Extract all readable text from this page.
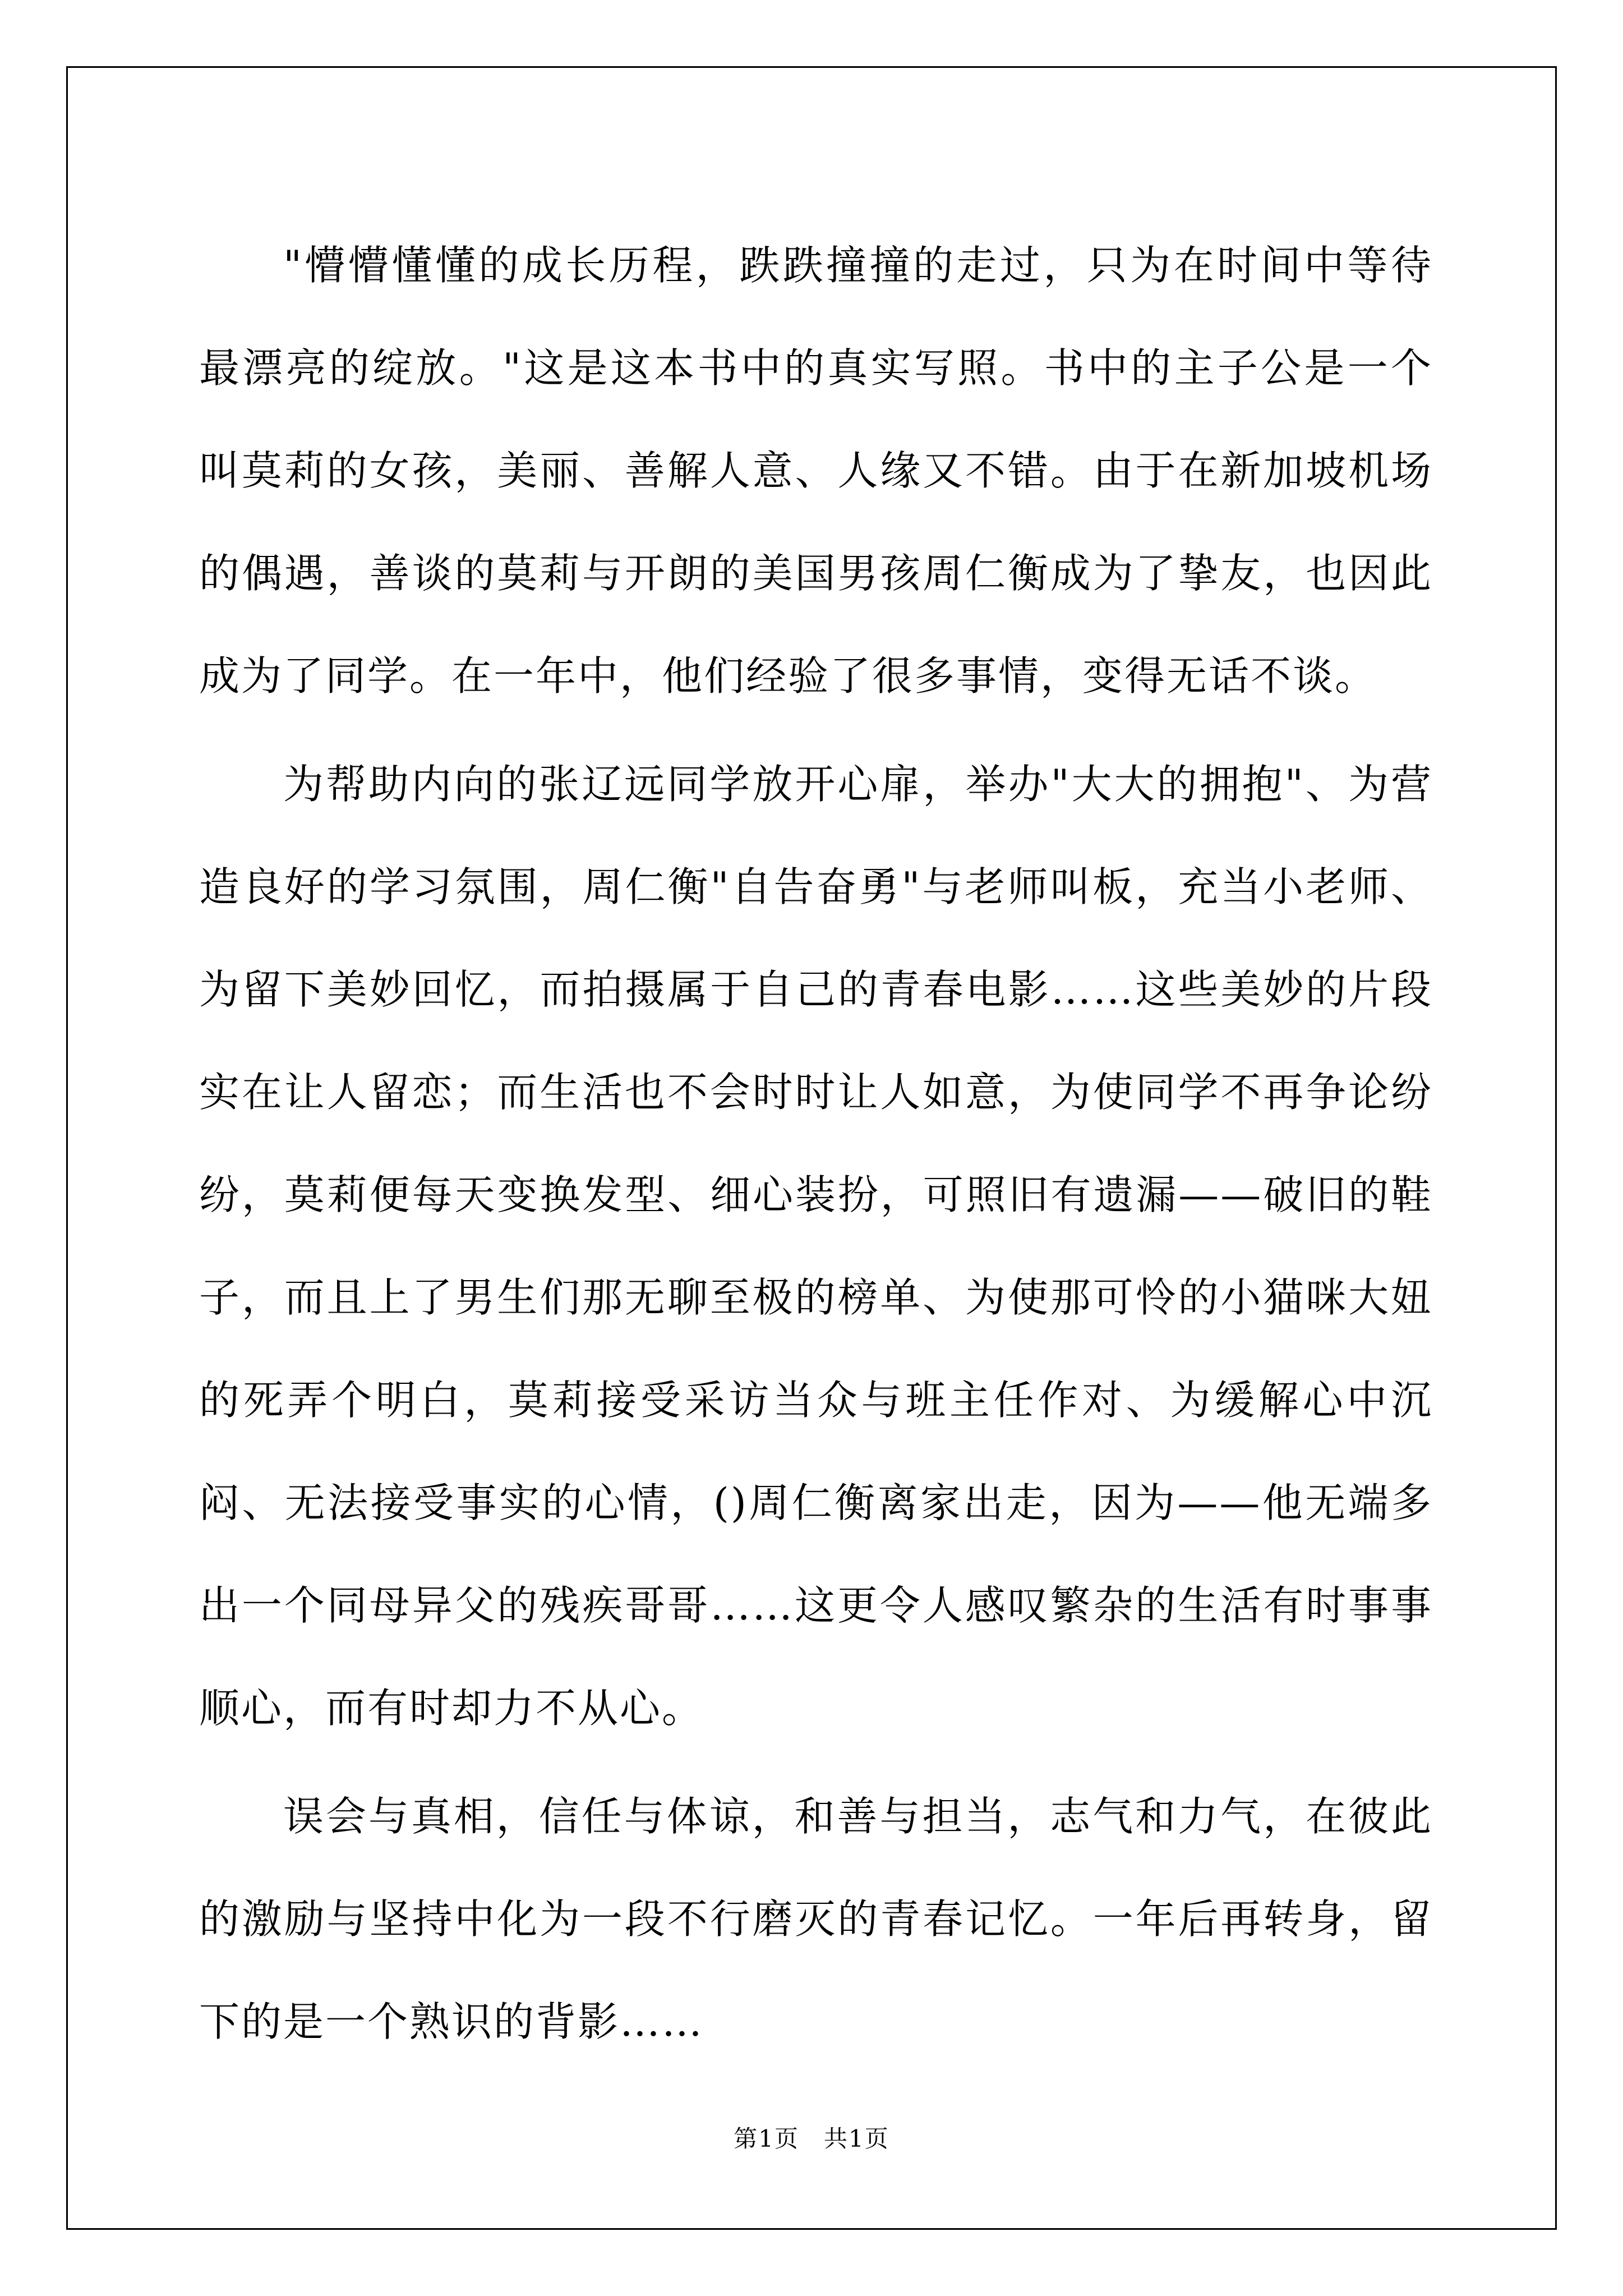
"懵懵懂懂的成长历程，跌跌撞撞的走过，只为在时间中等待最漂亮的绽放。"这是这本书中的真实写照。书中的主子公是一个叫莫莉的女孩，美丽、善解人意、人缘又不错。由于在新加坡机场的偶遇，善谈的莫莉与开朗的美国男孩周仁衡成为了挚友，也因此成为了同学。在一年中，他们经验了很多事情，变得无话不谈。

为帮助内向的张辽远同学放开心扉，举办"大大的拥抱"、为营造良好的学习氛围，周仁衡"自告奋勇"与老师叫板，充当小老师、为留下美妙回忆，而拍摄属于自己的青春电影……这些美妙的片段实在让人留恋；而生活也不会时时让人如意，为使同学不再争论纷纷，莫莉便每天变换发型、细心装扮，可照旧有遗漏——破旧的鞋子，而且上了男生们那无聊至极的榜单、为使那可怜的小猫咪大妞的死弄个明白，莫莉接受采访当众与班主任作对、为缓解心中沉闷、无法接受事实的心情，()周仁衡离家出走，因为——他无端多出一个同母异父的残疾哥哥……这更令人感叹繁杂的生活有时事事顺心，而有时却力不从心。

误会与真相，信任与体谅，和善与担当，志气和力气，在彼此的激励与坚持中化为一段不行磨灭的青春记忆。一年后再转身，留下的是一个熟识的背影……

第1页　共1页
